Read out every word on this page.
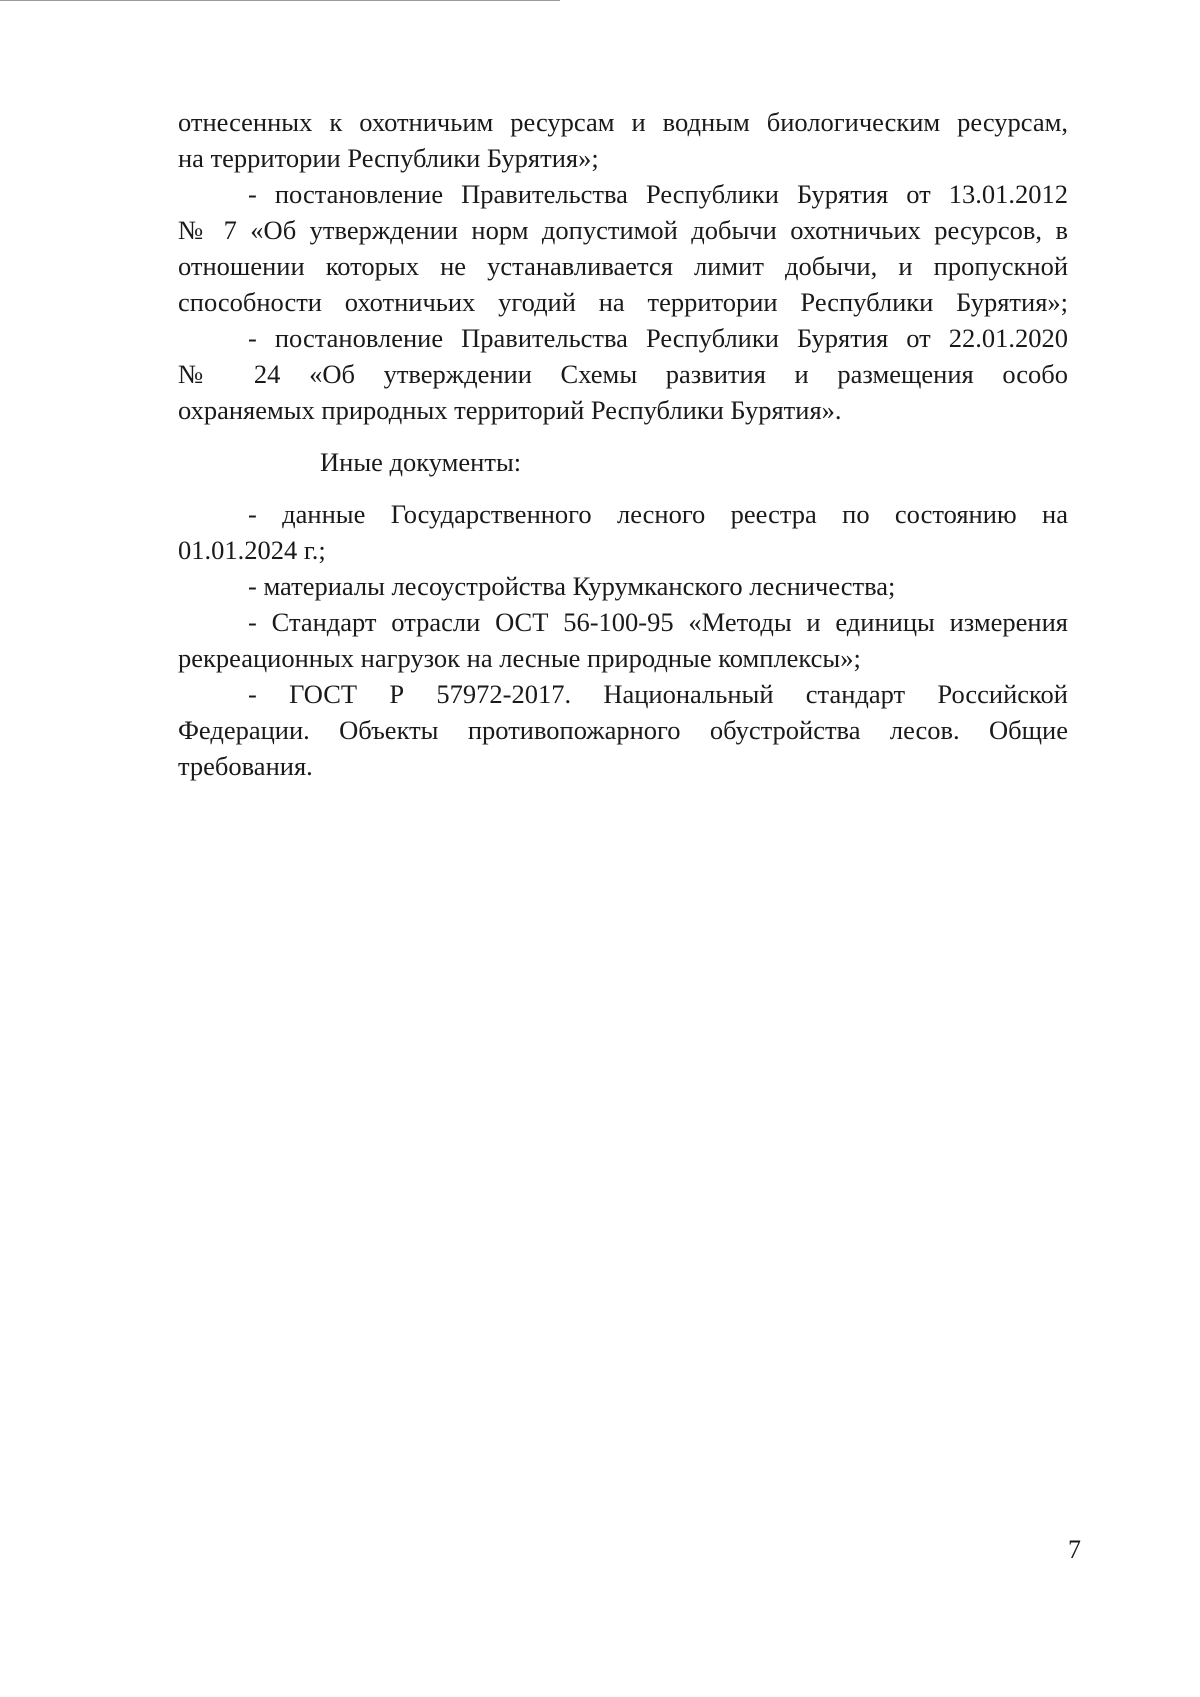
отнесенных к охотничьим ресурсам и водным биологическим ресурсам,
на территории Республики Бурятия»;
- постановление Правительства Республики Бурятия от 13.01.2012
№ 7 «Об утверждении норм допустимой добычи охотничьих ресурсов, в
отношении которых не устанавливается лимит добычи, и пропускной
способности охотничьих угодий на территории Республики Бурятия»;
- постановление Правительства Республики Бурятия от 22.01.2020
№ 24 «Об утверждении Схемы развития и размещения особо
охраняемых природных территорий Республики Бурятия».
Иные документы:
- данные Государственного лесного реестра по состоянию на
01.01.2024 г.;
- материалы лесоустройства Курумканского лесничества;
- Стандарт отрасли ОСТ 56-100-95 «Методы и единицы измерения
рекреационных нагрузок на лесные природные комплексы»;
- ГОСТ Р 57972-2017. Национальный стандарт Российской
Федерации. Объекты противопожарного обустройства лесов. Общие
требования.
7
